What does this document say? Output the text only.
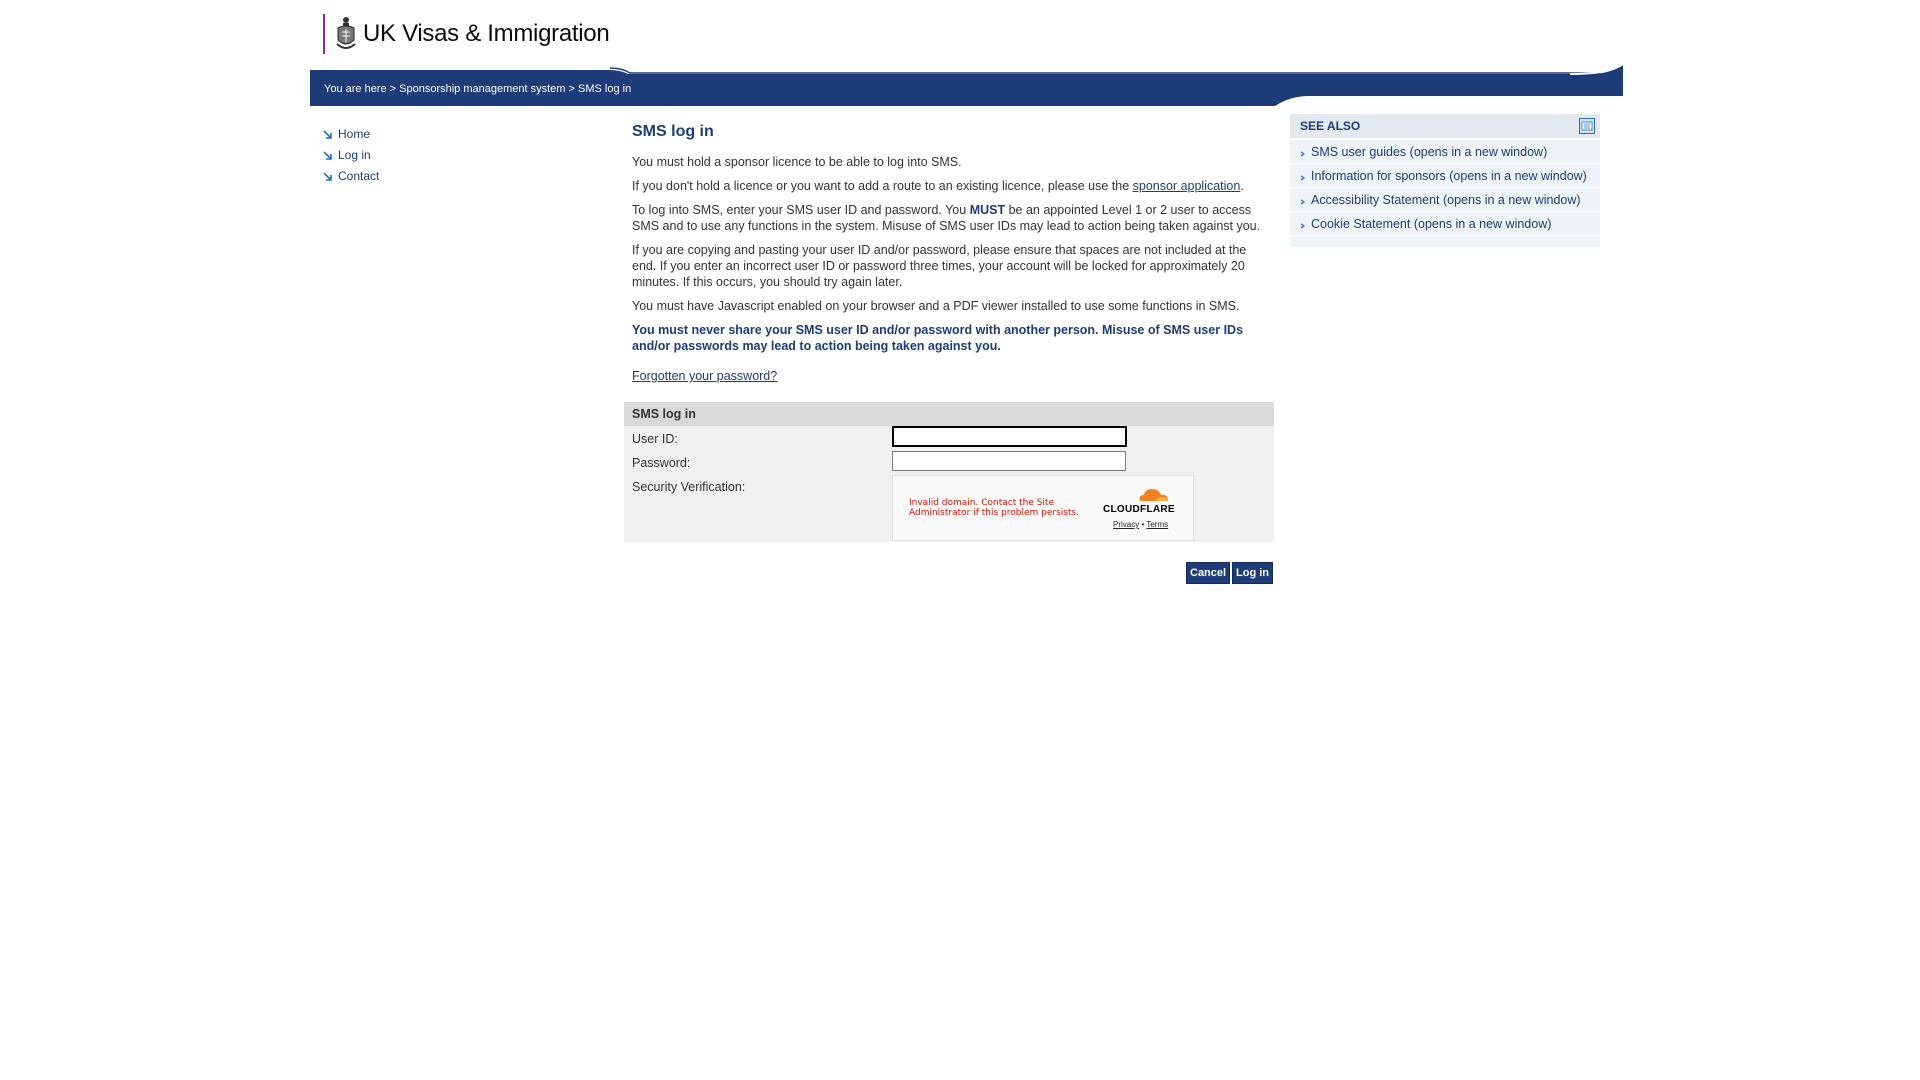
UK Visas & Immigration
You are here > Sponsorship management system > SMS log in
Home
Log in
Contact
SMS log in

You must hold a sponsor licence to be able to log into SMS.

If you don't hold a licence or you want to add a route to an existing licence, please use the sponsor application.

To log into SMS, enter your SMS user ID and password. You MUST be an appointed Level 1 or 2 user to access SMS and to use any functions in the system. Misuse of SMS user IDs may lead to action being taken against you.

If you are copying and pasting your user ID and/or password, please ensure that spaces are not included at the end. If you enter an incorrect user ID or password three times, your account will be locked for approximately 20 minutes. If this occurs, you should try again later.

You must have Javascript enabled on your browser and a PDF viewer installed to use some functions in SMS.

You must never share your SMS user ID and/or password with another person. Misuse of SMS user IDs and/or passwords may lead to action being taken against you.

Forgotten your password?

SMS log in
User ID:
Password:
Security Verification:
Invalid domain. Contact the Site
Administrator if this problem persists. CLOUDFLARE
Privacy • Terms
Cancel Log in
SEE ALSO
SMS user guides (opens in a new window)
Information for sponsors (opens in a new window)
Accessibility Statement (opens in a new window)
Cookie Statement (opens in a new window)
